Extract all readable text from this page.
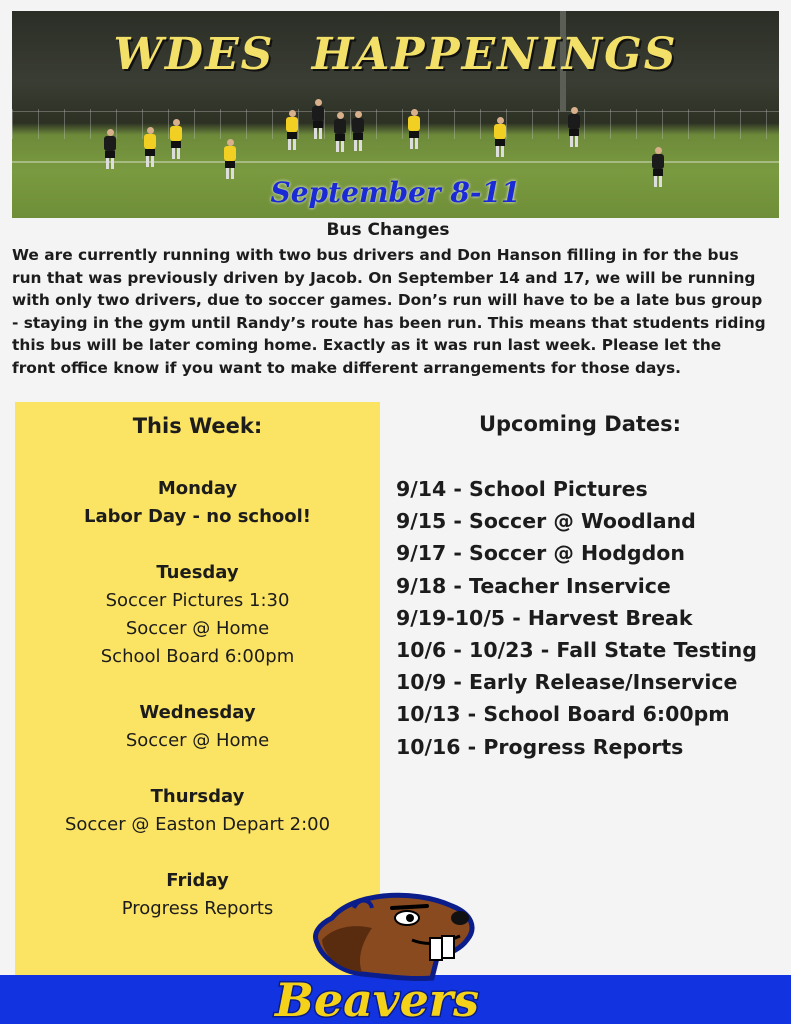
WDES HAPPENINGS
September 8-11
Bus Changes
We are currently running with two bus drivers and Don Hanson filling in for the bus
run that was previously driven by Jacob. On September 14 and 17, we will be running
with only two drivers, due to soccer games. Don’s run will have to be a late bus group
- staying in the gym until Randy’s route has been run. This means that students riding
this bus will be later coming home. Exactly as it was run last week. Please let the
front office know if you want to make different arrangements for those days.
This Week:
Monday
Labor Day - no school!
Tuesday
Soccer Pictures 1:30
Soccer @ Home
School Board 6:00pm
Wednesday
Soccer @ Home
Thursday
Soccer @ Easton Depart 2:00
Friday
Progress Reports
Upcoming Dates:
9/14 - School Pictures
9/15 - Soccer @ Woodland
9/17 - Soccer @ Hodgdon
9/18 - Teacher Inservice
9/19-10/5 - Harvest Break
10/6 - 10/23 - Fall State Testing
10/9 - Early Release/Inservice
10/13 - School Board 6:00pm
10/16 - Progress Reports
Beavers
